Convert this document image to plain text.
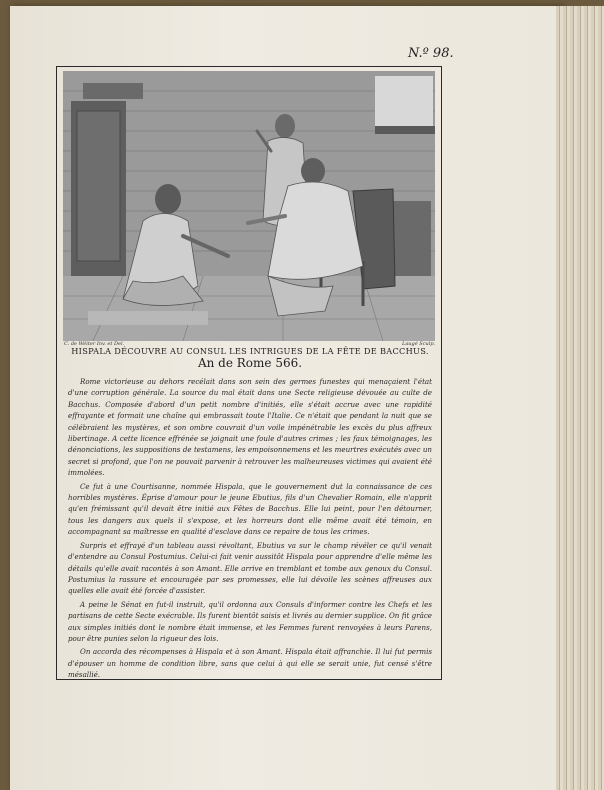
N.º 98.
C. de Wéiter Inv. et Del.	Laugé Sculp.
HISPALA DÉCOUVRE AU CONSUL LES INTRIGUES DE LA FÊTE DE BACCHUS.
An de Rome 566.

Rome victorieuse au dehors recélait dans son sein des germes funestes qui menaçaient l'état d'une corruption générale. La source du mal était dans une Secte religieuse dévouée au culte de Bacchus. Composée d'abord d'un petit nombre d'initiés, elle s'était accrue avec une rapidité effrayante et formait une chaîne qui embrassait toute l'Italie. Ce n'était que pendant la nuit que se célébraient les mystères, et son ombre couvrait d'un voile impénétrable les excès du plus affreux libertinage. A cette licence effrénée se joignait une foule d'autres crimes ; les faux témoignages, les dénonciations, les suppositions de testamens, les empoisonnemens et les meurtres exécutés avec un secret si profond, que l'on ne pouvait parvenir à retrouver les malheureuses victimes qui avaient été immolées.

Ce fut à une Courtisanne, nommée Hispala, que le gouvernement dut la connaissance de ces horribles mystères. Éprise d'amour pour le jeune Ebutius, fils d'un Chevalier Romain, elle n'apprit qu'en frémissant qu'il devait être initié aux Fêtes de Bacchus. Elle lui peint, pour l'en détourner, tous les dangers aux quels il s'expose, et les horreurs dont elle même avait été témoin, en accompagnant sa maîtresse en qualité d'esclave dans ce repaire de tous les crimes.

Surpris et effrayé d'un tableau aussi révoltant, Ebutius va sur le champ révéler ce qu'il venait d'entendre au Consul Postumius. Celui-ci fait venir aussitôt Hispala pour apprendre d'elle même les détails qu'elle avait racontés à son Amant. Elle arrive en tremblant et tombe aux genoux du Consul. Postumius la rassure et encouragée par ses promesses, elle lui dévoile les scènes affreuses aux quelles elle avait été forcée d'assister.

A peine le Sénat en fut-il instruit, qu'il ordonna aux Consuls d'informer contre les Chefs et les partisans de cette Secte exécrable. Ils furent bientôt saisis et livrés au dernier supplice. On fit grâce aux simples initiés dont le nombre était immense, et les Femmes furent renvoyées à leurs Parens, pour être punies selon la rigueur des lois.

On accorda des récompenses à Hispala et à son Amant. Hispala était affranchie. Il lui fut permis d'épouser un homme de condition libre, sans que celui à qui elle se serait unie, fut censé s'être mésallié.
